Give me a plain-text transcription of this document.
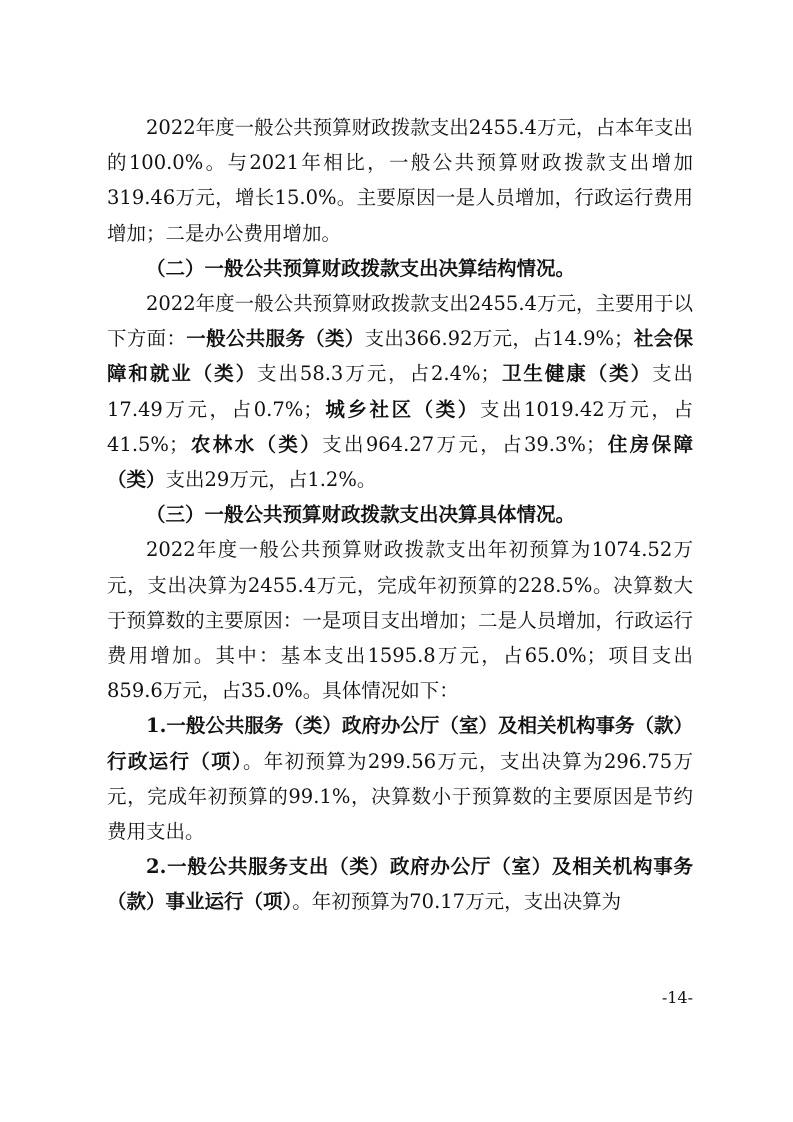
2022年度一般公共预算财政拨款支出2455.4万元，占本年支出的100.0%。与2021年相比，一般公共预算财政拨款支出增加319.46万元，增长15.0%。主要原因一是人员增加，行政运行费用增加；二是办公费用增加。

（二）一般公共预算财政拨款支出决算结构情况。

2022年度一般公共预算财政拨款支出2455.4万元，主要用于以下方面：一般公共服务（类）支出366.92万元，占14.9%；社会保障和就业（类）支出58.3万元，占2.4%；卫生健康（类）支出17.49万元，占0.7%；城乡社区（类）支出1019.42万元，占41.5%；农林水（类）支出964.27万元，占39.3%；住房保障（类）支出29万元，占1.2%。

（三）一般公共预算财政拨款支出决算具体情况。

2022年度一般公共预算财政拨款支出年初预算为1074.52万元，支出决算为2455.4万元，完成年初预算的228.5%。决算数大于预算数的主要原因：一是项目支出增加；二是人员增加，行政运行费用增加。其中：基本支出1595.8万元，占65.0%；项目支出859.6万元，占35.0%。具体情况如下：

1.一般公共服务（类）政府办公厅（室）及相关机构事务（款）行政运行（项）。年初预算为299.56万元，支出决算为296.75万元，完成年初预算的99.1%，决算数小于预算数的主要原因是节约费用支出。

2.一般公共服务支出（类）政府办公厅（室）及相关机构事务（款）事业运行（项）。年初预算为70.17万元，支出决算为

-14-
